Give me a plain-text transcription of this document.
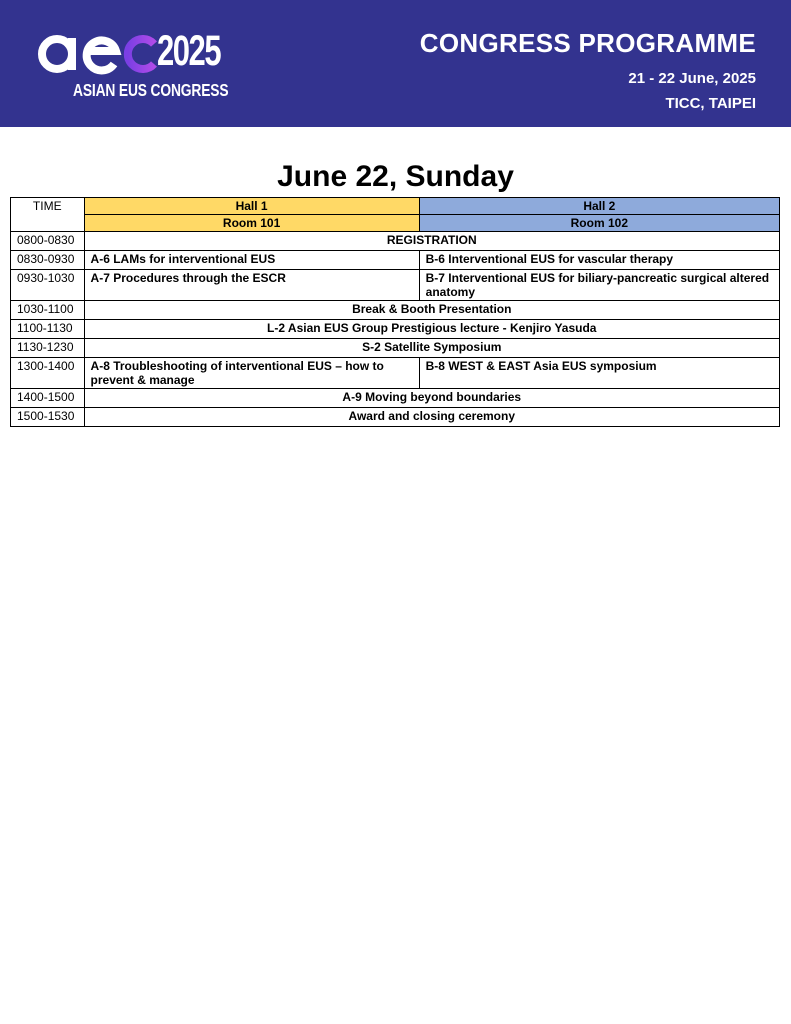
2025
ASIAN EUS CONGRESS
CONGRESS PROGRAMME
21 - 22 June, 2025
TICC, TAIPEI
June 22, Sunday
TIME	Hall 1	Hall 2
	Room 101	Room 102
0800-0830	REGISTRATION	
0830-0930	A-6 LAMs for interventional EUS	B-6 Interventional EUS for vascular therapy
0930-1030	A-7 Procedures through the ESCR	B-7 Interventional EUS for biliary-pancreatic surgical altered anatomy
1030-1100	Break & Booth Presentation	
1100-1130	L-2 Asian EUS Group Prestigious lecture - Kenjiro Yasuda	
1130-1230	S-2 Satellite Symposium	
1300-1400	A-8 Troubleshooting of interventional EUS – how to prevent & manage	B-8 WEST & EAST Asia EUS symposium
1400-1500	A-9 Moving beyond boundaries	
1500-1530	Award and closing ceremony	
